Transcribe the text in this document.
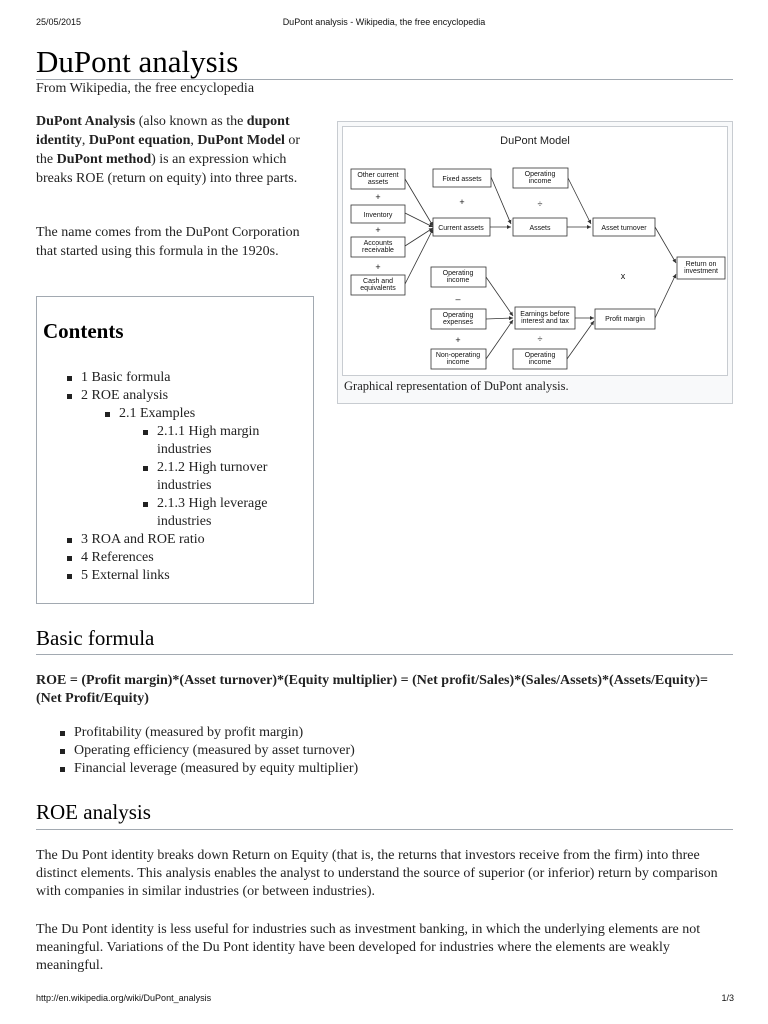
25/05/2015	DuPont analysis - Wikipedia, the free encyclopedia
DuPont analysis
From Wikipedia, the free encyclopedia

DuPont Analysis (also known as the dupont identity, DuPont equation, DuPont Model or the DuPont method) is an expression which breaks ROE (return on equity) into three parts.

The name comes from the DuPont Corporation that started using this formula in the 1920s.

Contents
1 Basic formula
2 ROE analysis
2.1 Examples
2.1.1 High margin industries
2.1.2 High turnover industries
2.1.3 High leverage industries
3 ROA and ROE ratio
4 References
5 External links
DuPont Model
Other current assets
Inventory
Accounts receivable
Cash and equivalents
Fixed assets
Operating income
Current assets	Assets	Asset turnover
Return on investment
Operating income
Operating expenses
Earnings before interest and tax	Profit margin
Non-operating income
Operating income
+
+
+
+	÷
x
–
+	÷
Graphical representation of DuPont analysis.
Basic formula

ROE = (Profit margin)*(Asset turnover)*(Equity multiplier) = (Net profit/Sales)*(Sales/Assets)*(Assets/Equity)= (Net Profit/Equity)

Profitability (measured by profit margin)
Operating efficiency (measured by asset turnover)
Financial leverage (measured by equity multiplier)
ROE analysis

The Du Pont identity breaks down Return on Equity (that is, the returns that investors receive from the firm) into three distinct elements. This analysis enables the analyst to understand the source of superior (or inferior) return by comparison with companies in similar industries (or between industries).

The Du Pont identity is less useful for industries such as investment banking, in which the underlying elements are not meaningful. Variations of the Du Pont identity have been developed for industries where the elements are weakly meaningful.

http://en.wikipedia.org/wiki/DuPont_analysis	1/3
